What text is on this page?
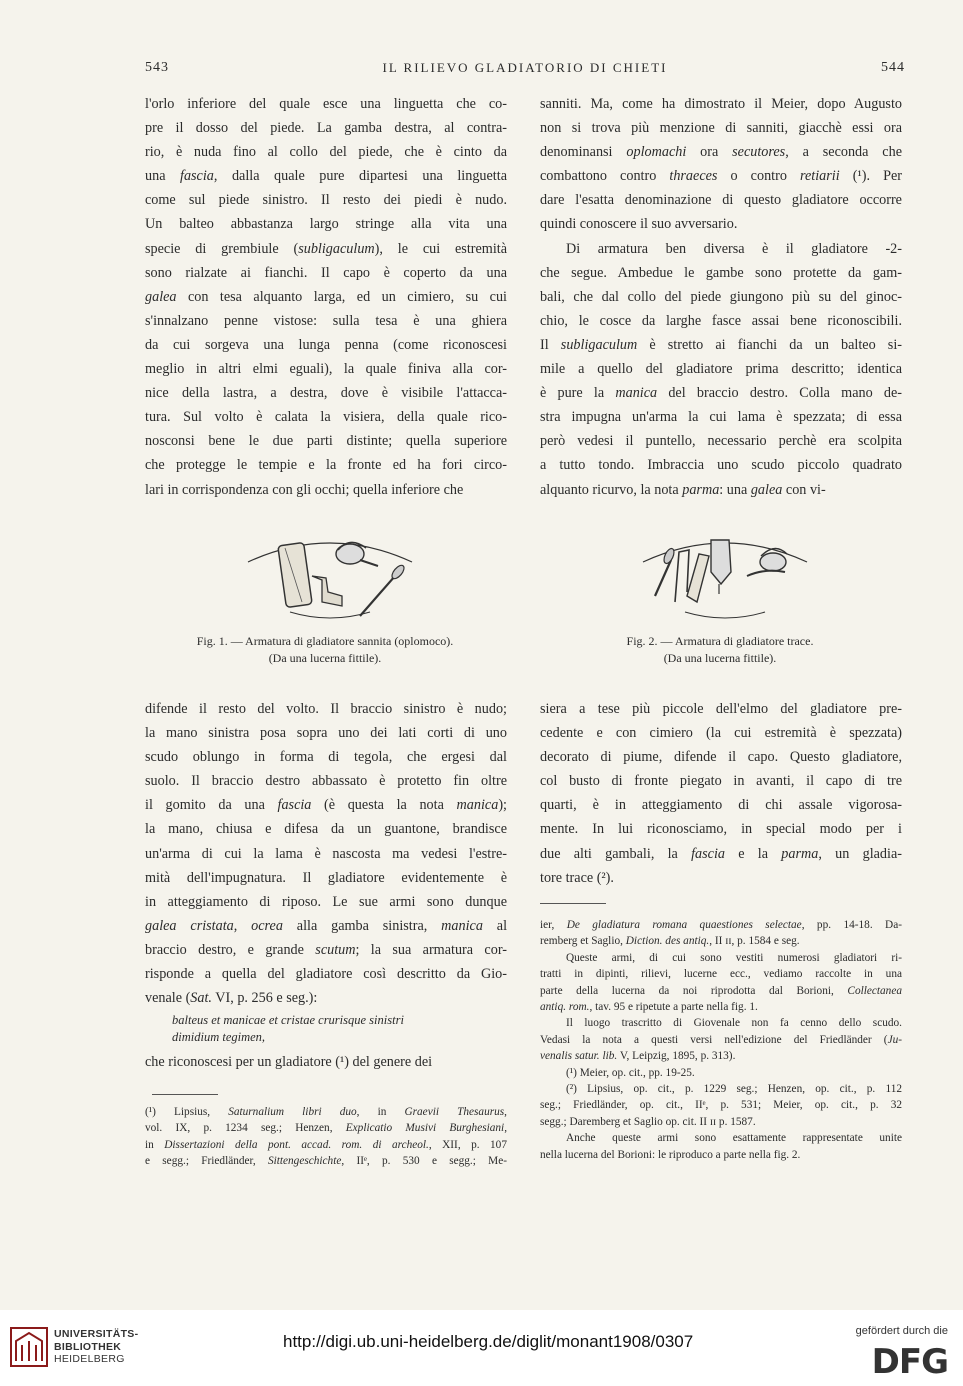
543	IL RILIEVO GLADIATORIO DI CHIETI	544
l'orlo inferiore del quale esce una linguetta che co-
pre il dosso del piede. La gamba destra, al contra-
rio, è nuda fino al collo del piede, che è cinto da
una fascia, dalla quale pure dipartesi una linguetta
come sul piede sinistro. Il resto dei piedi è nudo.
Un balteo abbastanza largo stringe alla vita una
specie di grembiule (subligaculum), le cui estremità
sono rialzate ai fianchi. Il capo è coperto da una
galea con tesa alquanto larga, ed un cimiero, su cui
s'innalzano penne vistose: sulla tesa è una ghiera
da cui sorgeva una lunga penna (come riconoscesi
meglio in altri elmi eguali), la quale finiva alla cor-
nice della lastra, a destra, dove è visibile l'attacca-
tura. Sul volto è calata la visiera, della quale rico-
nosconsi bene le due parti distinte; quella superiore
che protegge le tempie e la fronte ed ha fori circo-
lari in corrispondenza con gli occhi; quella inferiore che
sanniti. Ma, come ha dimostrato il Meier, dopo Augusto
non si trova più menzione di sanniti, giacchè essi ora
denominansi oplomachi ora secutores, a seconda che
combattono contro thraeces o contro retiarii (¹). Per
dare l'esatta denominazione di questo gladiatore occorre
quindi conoscere il suo avversario.
Di armatura ben diversa è il gladiatore -2-
che segue. Ambedue le gambe sono protette da gam-
bali, che dal collo del piede giungono più su del ginoc-
chio, le cosce da larghe fasce assai bene riconoscibili.
Il subligaculum è stretto ai fianchi da un balteo si-
mile a quello del gladiatore prima descritto; identica
è pure la manica del braccio destro. Colla mano de-
stra impugna un'arma la cui lama è spezzata; di essa
però vedesi il puntello, necessario perchè era scolpita
a tutto tondo. Imbraccia uno scudo piccolo quadrato
alquanto ricurvo, la nota parma: una galea con vi-
Fig. 1. — Armatura di gladiatore sannita (oplomoco).
(Da una lucerna fittile).
Fig. 2. — Armatura di gladiatore trace.
(Da una lucerna fittile).
difende il resto del volto. Il braccio sinistro è nudo;
la mano sinistra posa sopra uno dei lati corti di uno
scudo oblungo in forma di tegola, che ergesi dal
suolo. Il braccio destro abbassato è protetto fin oltre
il gomito da una fascia (è questa la nota manica);
la mano, chiusa e difesa da un guantone, brandisce
un'arma di cui la lama è nascosta ma vedesi l'estre-
mità dell'impugnatura. Il gladiatore evidentemente è
in atteggiamento di riposo. Le sue armi sono dunque
galea cristata, ocrea alla gamba sinistra, manica al
braccio destro, e grande scutum; la sua armatura cor-
risponde a quella del gladiatore così descritto da Gio-
venale (Sat. VI, p. 256 e seg.):
balteus et manicae et cristae crurisque sinistri
dimidium tegimen,
che riconoscesi per un gladiatore (¹) del genere dei
siera a tese più piccole dell'elmo del gladiatore pre-
cedente e con cimiero (la cui estremità è spezzata)
decorato di piume, difende il capo. Questo gladiatore,
col busto di fronte piegato in avanti, il capo di tre
quarti, è in atteggiamento di chi assale vigorosa-
mente. In lui riconosciamo, in special modo per i
due alti gambali, la fascia e la parma, un gladia-
tore trace (²).
(¹) Lipsius, Saturnalium libri duo, in Graevii Thesaurus,
vol. IX, p. 1234 seg.; Henzen, Explicatio Musivi Burghesiani,
in Dissertazioni della pont. accad. rom. di archeol., XII, p. 107
e segg.; Friedländer, Sittengeschichte, IIᵉ, p. 530 e segg.; Me-
ier, De gladiatura romana quaestiones selectae, pp. 14-18. Da-
remberg et Saglio, Diction. des antiq., II ɪɪ, p. 1584 e seg.
Queste armi, di cui sono vestiti numerosi gladiatori ri-
tratti in dipinti, rilievi, lucerne ecc., vediamo raccolte in una
parte della lucerna da noi riprodotta dal Borioni, Collectanea
antiq. rom., tav. 95 e ripetute a parte nella fig. 1.
Il luogo trascritto di Giovenale non fa cenno dello scudo.
Vedasi la nota a questi versi nell'edizione del Friedländer (Ju-
venalis satur. lib. V, Leipzig, 1895, p. 313).
(¹) Meier, op. cit., pp. 19-25.
(²) Lipsius, op. cit., p. 1229 seg.; Henzen, op. cit., p. 112
seg.; Friedländer, op. cit., IIᵉ, p. 531; Meier, op. cit., p. 32
segg.; Daremberg et Saglio op. cit. II ɪɪ p. 1587.
Anche queste armi sono esattamente rappresentate unite
nella lucerna del Borioni: le riproduco a parte nella fig. 2.
UNIVERSITÄTS-
BIBLIOTHEK
HEIDELBERG
http://digi.ub.uni-heidelberg.de/diglit/monant1908/0307
gefördert durch die
DFG
